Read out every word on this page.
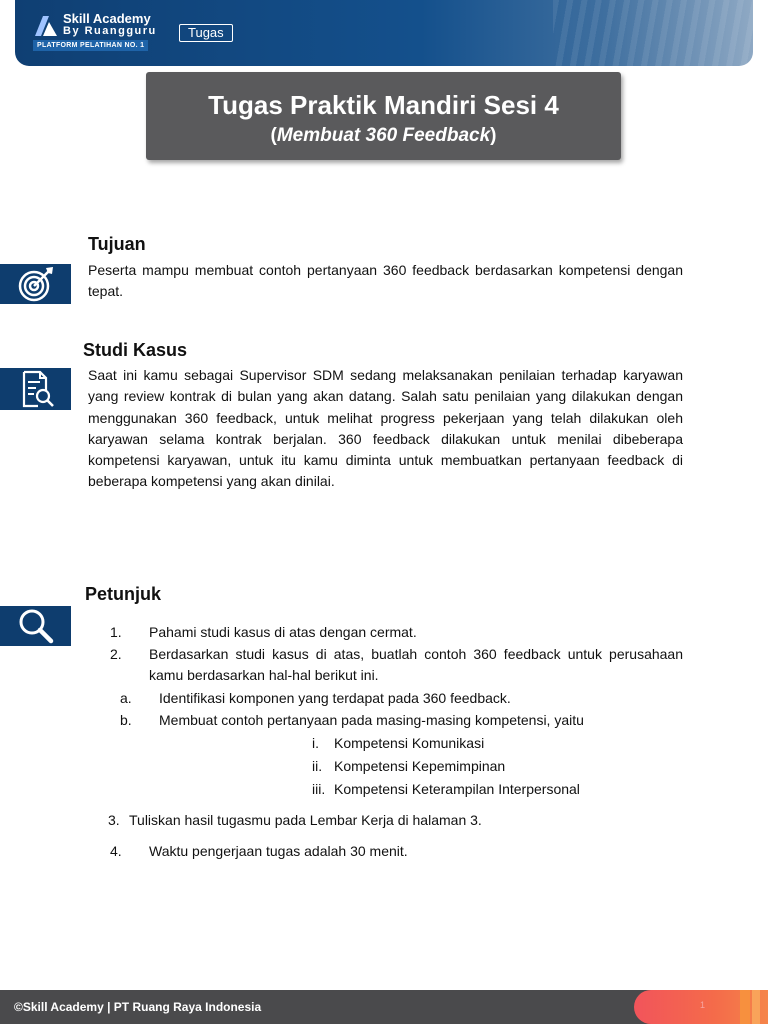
Skill Academy
By Ruangguru
PLATFORM PELATIHAN NO. 1
Tugas
Tugas Praktik Mandiri Sesi 4
(Membuat 360 Feedback)
Tujuan
Peserta mampu membuat contoh pertanyaan 360 feedback berdasarkan kompetensi dengan tepat.
Studi Kasus
Saat ini kamu sebagai Supervisor SDM sedang melaksanakan penilaian terhadap karyawan yang review kontrak di bulan yang akan datang. Salah satu penilaian yang dilakukan dengan menggunakan 360 feedback, untuk melihat progress pekerjaan yang telah dilakukan oleh karyawan selama kontrak berjalan. 360 feedback dilakukan untuk menilai dibeberapa kompetensi karyawan, untuk itu kamu diminta untuk membuatkan pertanyaan feedback di beberapa kompetensi yang akan dinilai.
Petunjuk
1. Pahami studi kasus di atas dengan cermat.
2. Berdasarkan studi kasus di atas, buatlah contoh 360 feedback untuk perusahaan kamu berdasarkan hal-hal berikut ini.
a. Identifikasi komponen yang terdapat pada 360 feedback.
b. Membuat contoh pertanyaan pada masing-masing kompetensi, yaitu
i. Kompetensi Komunikasi
ii. Kompetensi Kepemimpinan
iii. Kompetensi Keterampilan Interpersonal
3. Tuliskan hasil tugasmu pada Lembar Kerja di halaman 3.
4. Waktu pengerjaan tugas adalah 30 menit.
©Skill Academy | PT Ruang Raya Indonesia	1
